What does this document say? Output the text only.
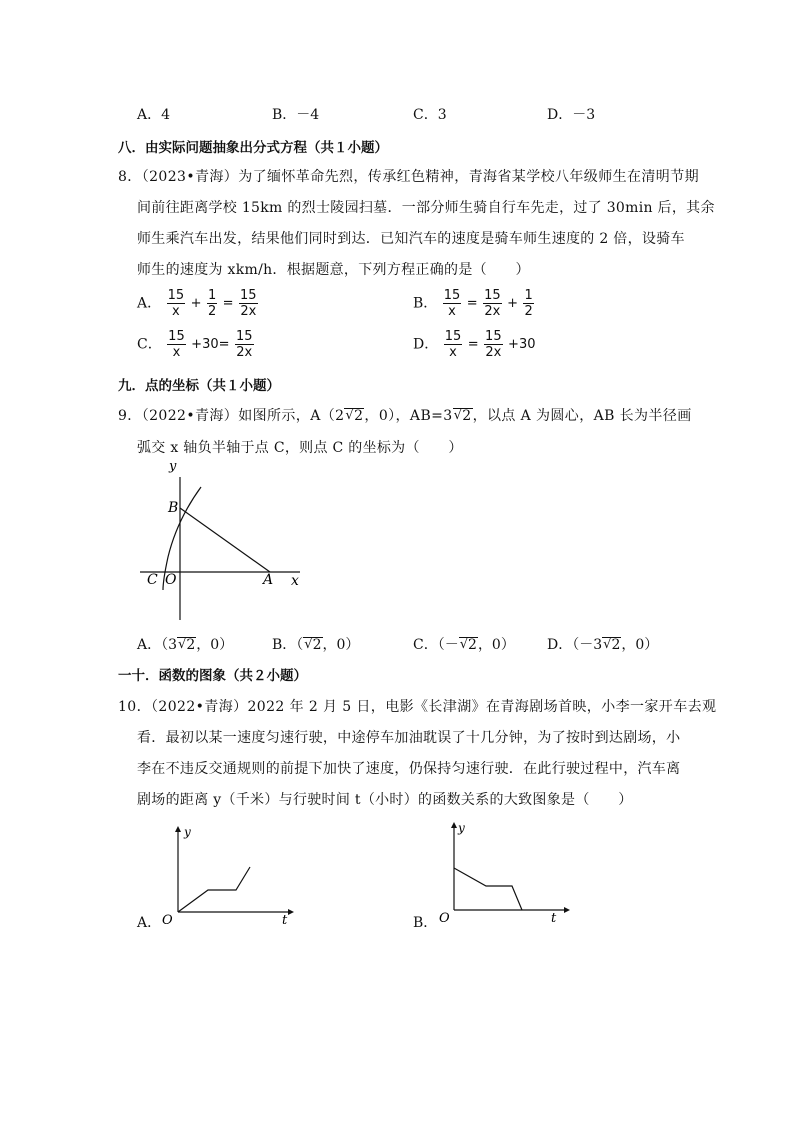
A．4	B．－4	C．3	D．－3
八．由实际问题抽象出分式方程（共１小题）
8．（2023•青海）为了缅怀革命先烈，传承红色精神，青海省某学校八年级师生在清明节期
间前往距离学校 15km 的烈士陵园扫墓．一部分师生骑自行车先走，过了 30min 后，其余
师生乘汽车出发，结果他们同时到达．已知汽车的速度是骑车师生速度的 2 倍，设骑车
师生的速度为 xkm/h．根据题意，下列方程正确的是（　　）
A． $\frac{15}{x} + \frac{1}{2} = \frac{15}{2x}$	B． $\frac{15}{x} = \frac{15}{2x} + \frac{1}{2}$
C． $\frac{15}{x} +30= \frac{15}{2x}$	D． $\frac{15}{x} = \frac{15}{2x} +30$
九．点的坐标（共１小题）
9．（2022•青海）如图所示，A（2√2，0），AB=3√2，以点 A 为圆心，AB 长为半径画
弧交 x 轴负半轴于点 C，则点 C 的坐标为（　　）
y
B
C O	A x
A．（3√2，0）	B．（√2，0）	C．（－√2，0） D．（－3√2，0）
一十．函数的图象（共２小题）
10．（2022•青海）2022 年 2 月 5 日，电影《长津湖》在青海剧场首映，小李一家开车去观
看．最初以某一速度匀速行驶，中途停车加油耽误了十几分钟，为了按时到达剧场，小
李在不违反交通规则的前提下加快了速度，仍保持匀速行驶．在此行驶过程中，汽车离
剧场的距离 y（千米）与行驶时间 t（小时）的函数关系的大致图象是（　　）
A．
y
O	t	B．
y
O	t
